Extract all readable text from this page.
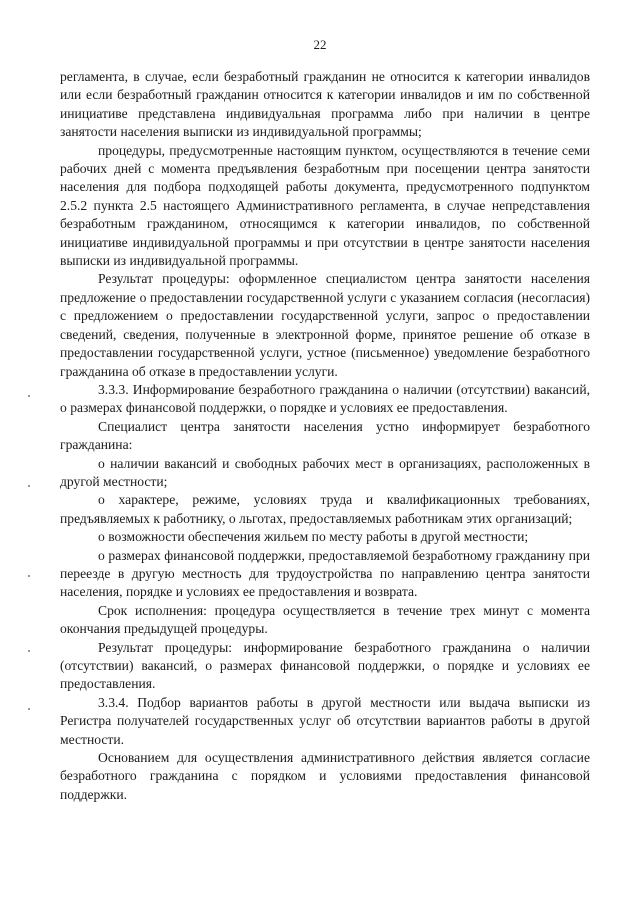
22

регламента, в случае, если безработный гражданин не относится к категории инвалидов или если безработный гражданин относится к категории инвалидов и им по собственной инициативе представлена индивидуальная программа либо при наличии в центре занятости населения выписки из индивидуальной программы;

процедуры, предусмотренные настоящим пунктом, осуществляются в течение семи рабочих дней с момента предъявления безработным при посещении центра занятости населения для подбора подходящей работы документа, предусмотренного подпунктом 2.5.2 пункта 2.5 настоящего Административного регламента, в случае непредставления безработным гражданином, относящимся к категории инвалидов, по собственной инициативе индивидуальной программы и при отсутствии в центре занятости населения выписки из индивидуальной программы.

Результат процедуры: оформленное специалистом центра занятости населения предложение о предоставлении государственной услуги с указанием согласия (несогласия) с предложением о предоставлении государственной услуги, запрос о предоставлении сведений, сведения, полученные в электронной форме, принятое решение об отказе в предоставлении государственной услуги, устное (письменное) уведомление безработного гражданина об отказе в предоставлении услуги.

3.3.3. Информирование безработного гражданина о наличии (отсутствии) вакансий, о размерах финансовой поддержки, о порядке и условиях ее предоставления.

Специалист центра занятости населения устно информирует безработного гражданина:

о наличии вакансий и свободных рабочих мест в организациях, расположенных в другой местности;

о характере, режиме, условиях труда и квалификационных требованиях, предъявляемых к работнику, о льготах, предоставляемых работникам этих организаций;

о возможности обеспечения жильем по месту работы в другой местности;

о размерах финансовой поддержки, предоставляемой безработному гражданину при переезде в другую местность для трудоустройства по направлению центра занятости населения, порядке и условиях ее предоставления и возврата.

Срок исполнения: процедура осуществляется в течение трех минут с момента окончания предыдущей процедуры.

Результат процедуры: информирование безработного гражданина о наличии (отсутствии) вакансий, о размерах финансовой поддержки, о порядке и условиях ее предоставления.

3.3.4. Подбор вариантов работы в другой местности или выдача выписки из Регистра получателей государственных услуг об отсутствии вариантов работы в другой местности.

Основанием для осуществления административного действия является согласие безработного гражданина с порядком и условиями предоставления финансовой поддержки.
